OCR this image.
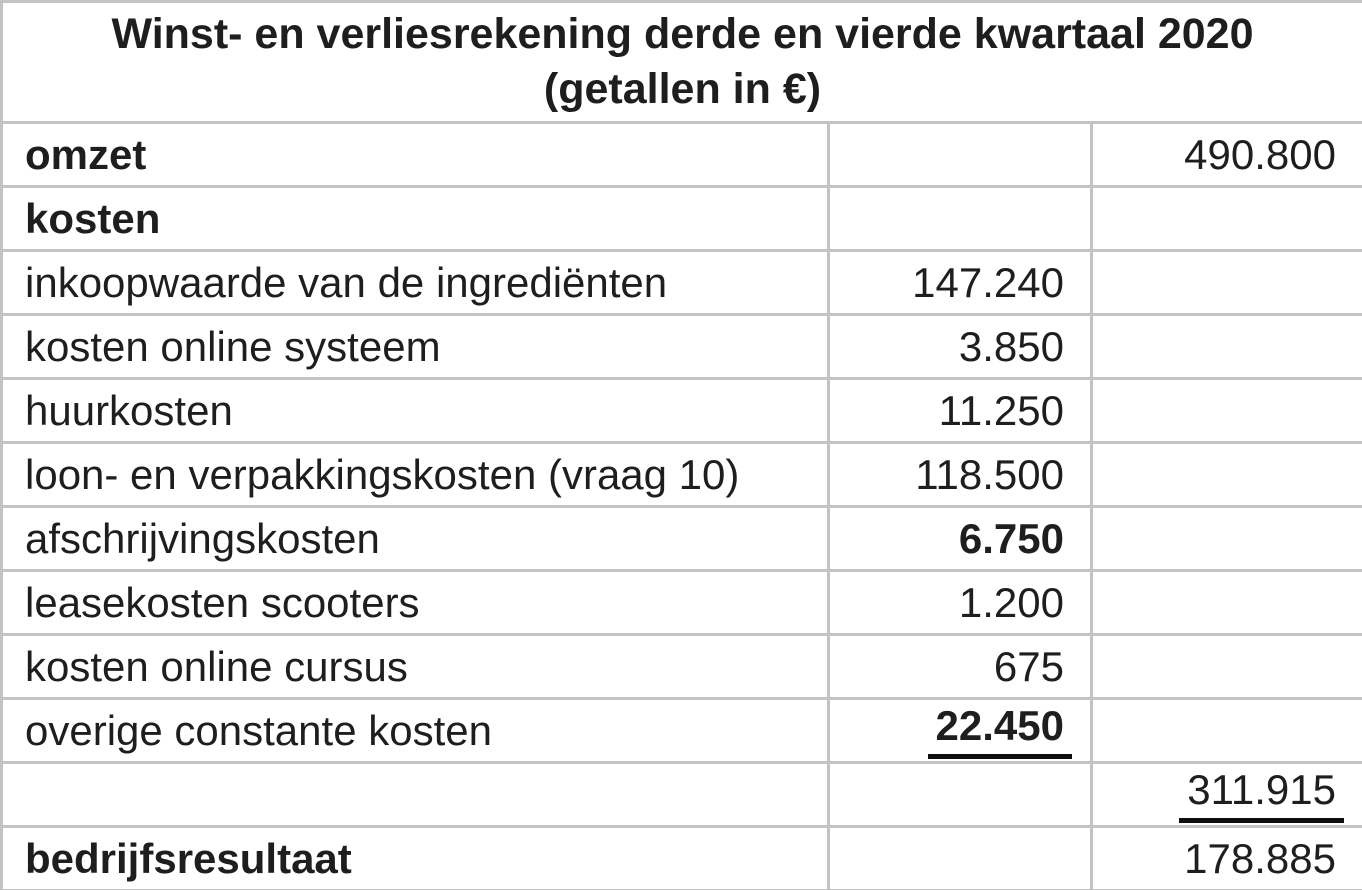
Winst- en verliesrekening derde en vierde kwartaal 2020
(getallen in €)		

omzet		490.800
kosten		
inkoopwaarde van de ingrediënten	147.240	
kosten online systeem	3.850	
huurkosten	11.250	
loon- en verpakkingskosten (vraag 10)	118.500	
afschrijvingskosten	6.750	
leasekosten scooters	1.200	
kosten online cursus	675	
overige constante kosten	22.450	
		311.915
bedrijfsresultaat		178.885
